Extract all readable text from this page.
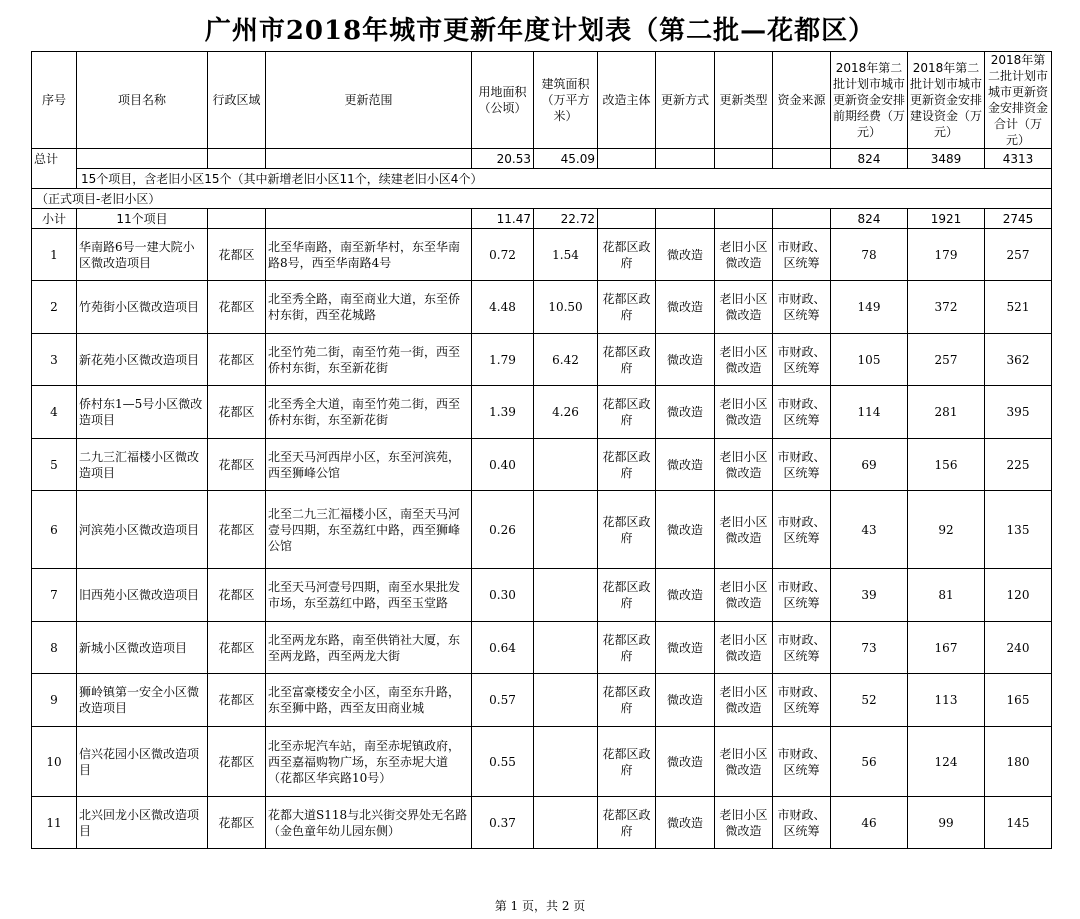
广州市2018年城市更新年度计划表（第二批—花都区）
序号	项目名称	行政区域	更新范围	用地面积（公顷）	建筑面积（万平方米）	改造主体	更新方式	更新类型	资金来源	2018年第二批计划市城市更新资金安排前期经费（万元）	2018年第二批计划市城市更新资金安排建设资金（万元）	2018年第二批计划市城市更新资金安排资金合计（万元）
总计				20.53	45.09					824	3489	4313
	15个项目，含老旧小区15个（其中新增老旧小区11个，续建老旧小区4个）											
（正式项目-老旧小区）												
小计	11个项目			11.47	22.72					824	1921	2745
1	华南路6号一建大院小区微改造项目	花都区	北至华南路，南至新华村，东至华南路8号，西至华南路4号	0.72	1.54	花都区政府	微改造	老旧小区微改造	市财政、区统筹	78	179	257
2	竹苑街小区微改造项目	花都区	北至秀全路，南至商业大道，东至侨村东街，西至花城路	4.48	10.50	花都区政府	微改造	老旧小区微改造	市财政、区统筹	149	372	521
3	新花苑小区微改造项目	花都区	北至竹苑二街，南至竹苑一街，西至侨村东街，东至新花街	1.79	6.42	花都区政府	微改造	老旧小区微改造	市财政、区统筹	105	257	362
4	侨村东1—5号小区微改造项目	花都区	北至秀全大道，南至竹苑二街，西至侨村东街，东至新花街	1.39	4.26	花都区政府	微改造	老旧小区微改造	市财政、区统筹	114	281	395
5	二九三汇福楼小区微改造项目	花都区	北至天马河西岸小区，东至河滨苑，西至狮峰公馆	0.40		花都区政府	微改造	老旧小区微改造	市财政、区统筹	69	156	225
6	河滨苑小区微改造项目	花都区	北至二九三汇福楼小区，南至天马河壹号四期，东至荔红中路，西至狮峰公馆	0.26		花都区政府	微改造	老旧小区微改造	市财政、区统筹	43	92	135
7	旧西苑小区微改造项目	花都区	北至天马河壹号四期，南至水果批发市场，东至荔红中路，西至玉堂路	0.30		花都区政府	微改造	老旧小区微改造	市财政、区统筹	39	81	120
8	新城小区微改造项目	花都区	北至两龙东路，南至供销社大厦，东至两龙路，西至两龙大街	0.64		花都区政府	微改造	老旧小区微改造	市财政、区统筹	73	167	240
9	狮岭镇第一安全小区微改造项目	花都区	北至富豪楼安全小区，南至东升路，东至狮中路，西至友田商业城	0.57		花都区政府	微改造	老旧小区微改造	市财政、区统筹	52	113	165
10	信兴花园小区微改造项目	花都区	北至赤坭汽车站，南至赤坭镇政府，西至嘉福购物广场，东至赤坭大道（花都区华宾路10号）	0.55		花都区政府	微改造	老旧小区微改造	市财政、区统筹	56	124	180
11	北兴回龙小区微改造项目	花都区	花都大道S118与北兴街交界处无名路（金色童年幼儿园东侧）	0.37		花都区政府	微改造	老旧小区微改造	市财政、区统筹	46	99	145
第 1 页，共 2 页
